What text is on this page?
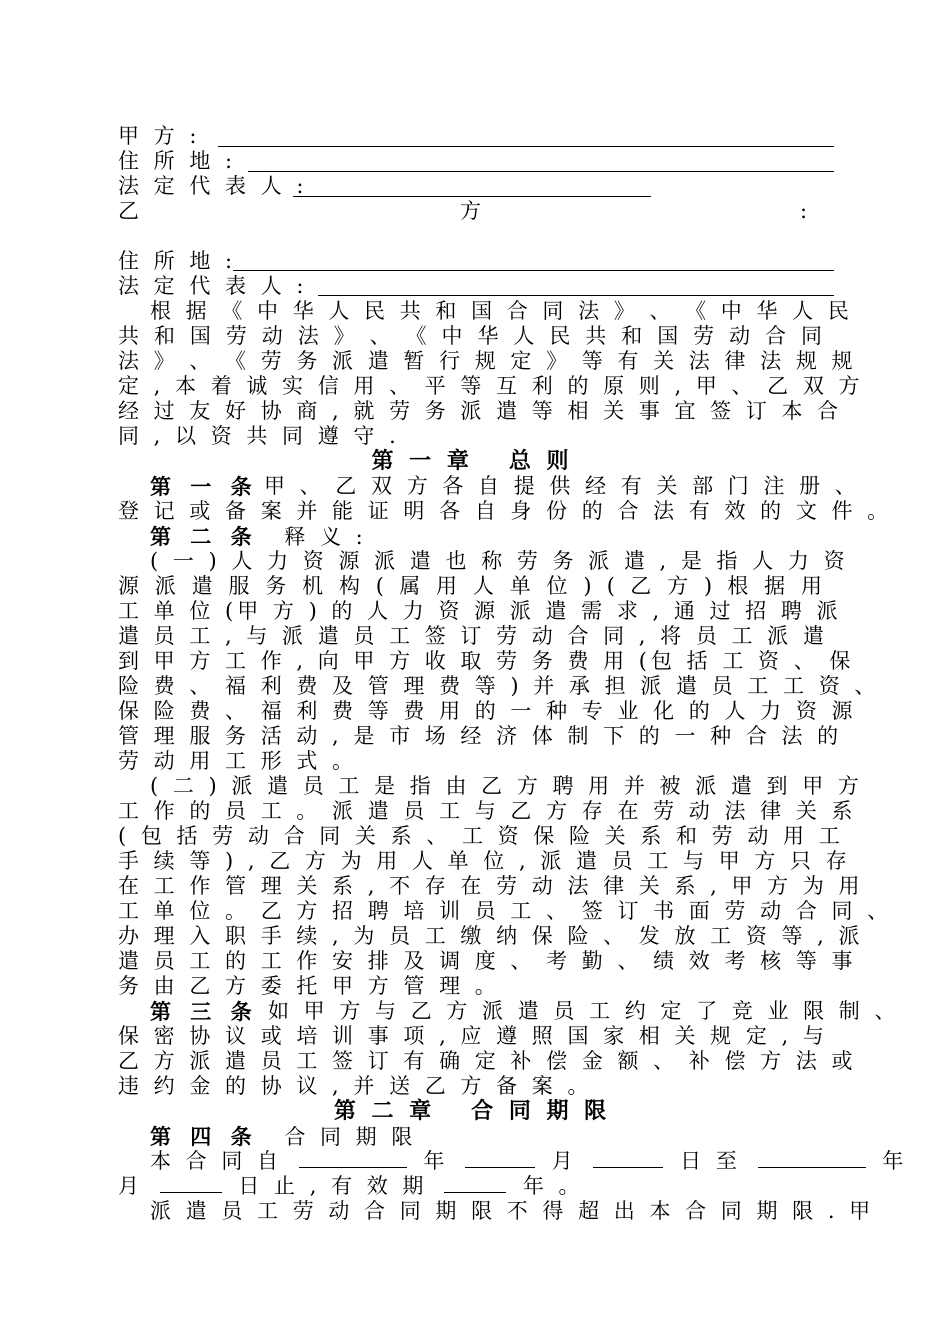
甲 方 :
住 所 地 :
法 定 代 表 人 :
乙	方	:
住 所 地 :
法 定 代 表 人 :
根 据 《 中 华 人 民 共 和 国 合 同 法 》 、 《 中 华 人 民
共 和 国 劳 动 法 》 、 《 中 华 人 民 共 和 国 劳 动 合 同
法 》 、 《 劳 务 派 遣 暂 行 规 定 》 等 有 关 法 律 法 规 规
定 , 本 着 诚 实 信 用 、 平 等 互 利 的 原 则 , 甲 、 乙 双 方
经 过 友 好 协 商 , 就 劳 务 派 遣 等 相 关 事 宜 签 订 本 合
同 , 以 资 共 同 遵 守 .
第 一 章 总 则
第 一 条 甲 、 乙 双 方 各 自 提 供 经 有 关 部 门 注 册 、
登 记 或 备 案 并 能 证 明 各 自 身 份 的 合 法 有 效 的 文 件 。
第 二 条 释 义 :
( 一 ) 人 力 资 源 派 遣 也 称 劳 务 派 遣 , 是 指 人 力 资
源 派 遣 服 务 机 构 ( 属 用 人 单 位 ) ( 乙 方 ) 根 据 用
工 单 位 (甲 方 ) 的 人 力 资 源 派 遣 需 求 , 通 过 招 聘 派
遣 员 工 , 与 派 遣 员 工 签 订 劳 动 合 同 , 将 员 工 派 遣
到 甲 方 工 作 , 向 甲 方 收 取 劳 务 费 用 (包 括 工 资 、 保
险 费 、 福 利 费 及 管 理 费 等 ) 并 承 担 派 遣 员 工 工 资 、
保 险 费 、 福 利 费 等 费 用 的 一 种 专 业 化 的 人 力 资 源
管 理 服 务 活 动 , 是 市 场 经 济 体 制 下 的 一 种 合 法 的
劳 动 用 工 形 式 。
( 二 ) 派 遣 员 工 是 指 由 乙 方 聘 用 并 被 派 遣 到 甲 方
工 作 的 员 工 。 派 遣 员 工 与 乙 方 存 在 劳 动 法 律 关 系
( 包 括 劳 动 合 同 关 系 、 工 资 保 险 关 系 和 劳 动 用 工
手 续 等 ) , 乙 方 为 用 人 单 位 , 派 遣 员 工 与 甲 方 只 存
在 工 作 管 理 关 系 , 不 存 在 劳 动 法 律 关 系 , 甲 方 为 用
工 单 位 。 乙 方 招 聘 培 训 员 工 、 签 订 书 面 劳 动 合 同 、
办 理 入 职 手 续 , 为 员 工 缴 纳 保 险 、 发 放 工 资 等 , 派
遣 员 工 的 工 作 安 排 及 调 度 、 考 勤 、 绩 效 考 核 等 事
务 由 乙 方 委 托 甲 方 管 理 。
第 三 条 如 甲 方 与 乙 方 派 遣 员 工 约 定 了 竞 业 限 制 、
保 密 协 议 或 培 训 事 项 , 应 遵 照 国 家 相 关 规 定 , 与
乙 方 派 遣 员 工 签 订 有 确 定 补 偿 金 额 、 补 偿 方 法 或
违 约 金 的 协 议 , 并 送 乙 方 备 案 。
第 二 章 合 同 期 限
第 四 条 合 同 期 限
本 合 同 自	年	月	日 至	年
月	日 止 , 有 效 期	年 。
派 遣 员 工 劳 动 合 同 期 限 不 得 超 出 本 合 同 期 限 . 甲
